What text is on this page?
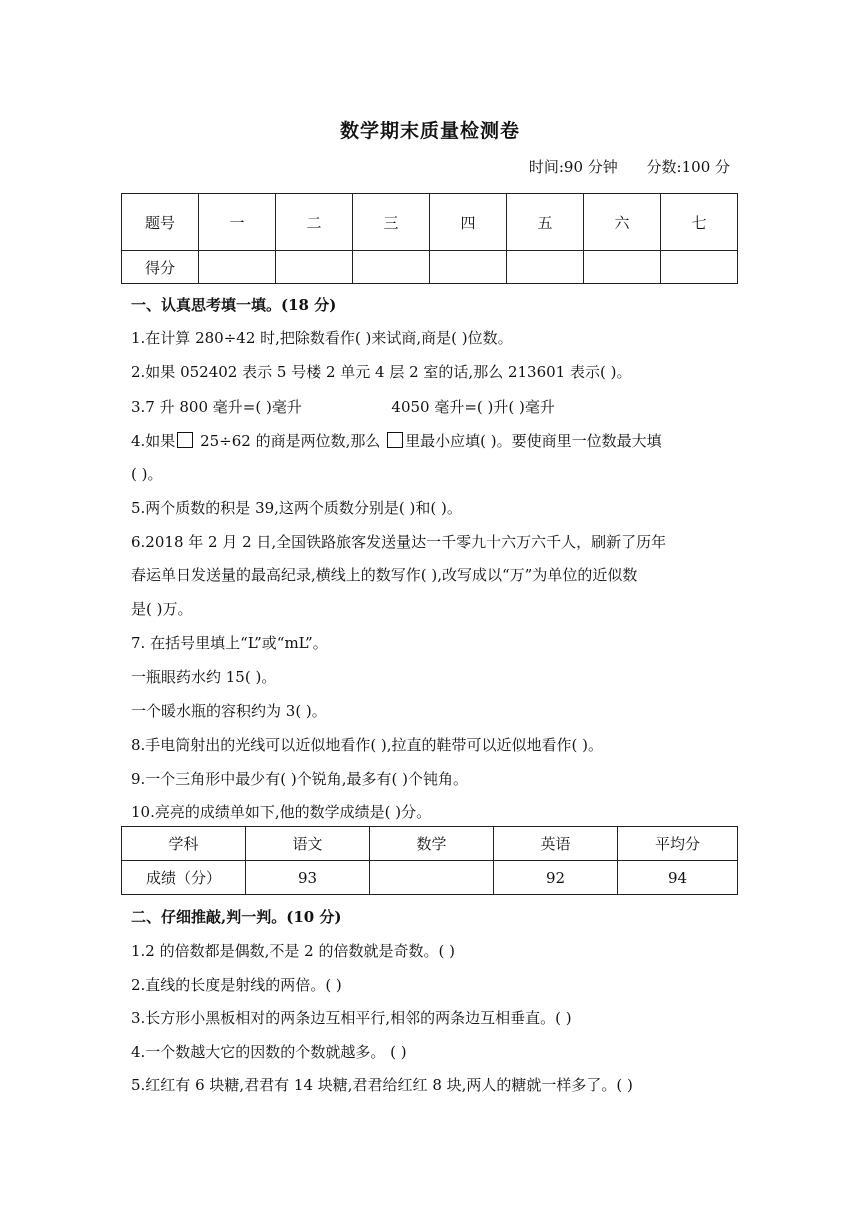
数学期末质量检测卷
时间:90 分钟 分数:100 分
题号	一	二	三	四	五	六	七
得分							
一、认真思考填一填。(18 分)
1.在计算 280÷42 时,把除数看作( )来试商,商是( )位数。
2.如果 052402 表示 5 号楼 2 单元 4 层 2 室的话,那么 213601 表示( )。
3.7 升 800 毫升=( )毫升	4050 毫升=( )升( )毫升
4.如果 25÷62 的商是两位数,那么 里最小应填( )。要使商里一位数最大填
( )。
5.两个质数的积是 39,这两个质数分别是( )和( )。
6.2018 年 2 月 2 日,全国铁路旅客发送量达一千零九十六万六千人，刷新了历年
春运单日发送量的最高纪录,横线上的数写作( ),改写成以“万”为单位的近似数
是( )万。
7. 在括号里填上“L”或“mL”。
一瓶眼药水约 15( )。
一个暖水瓶的容积约为 3( )。
8.手电筒射出的光线可以近似地看作( ),拉直的鞋带可以近似地看作( )。
9.一个三角形中最少有( )个锐角,最多有( )个钝角。
10.亮亮的成绩单如下,他的数学成绩是( )分。
学科	语文	数学	英语	平均分
成绩（分）	93		92	94
二、仔细推敲,判一判。(10 分)
1.2 的倍数都是偶数,不是 2 的倍数就是奇数。( )
2.直线的长度是射线的两倍。( )
3.长方形小黑板相对的两条边互相平行,相邻的两条边互相垂直。( )
4.一个数越大它的因数的个数就越多。 ( )
5.红红有 6 块糖,君君有 14 块糖,君君给红红 8 块,两人的糖就一样多了。( )
